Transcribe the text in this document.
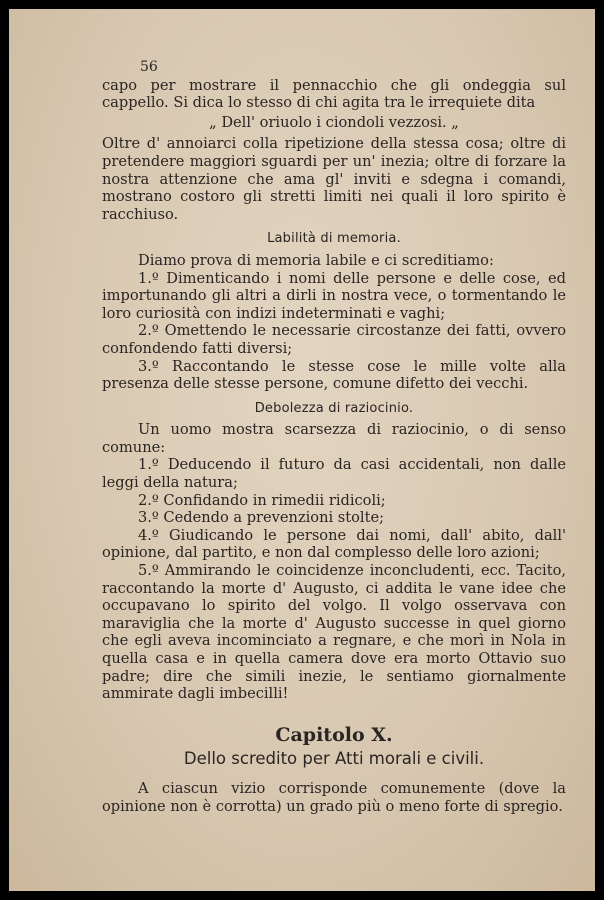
56

capo per mostrare il pennacchio che gli ondeggia sul cappello. Si dica lo stesso di chi agita tra le irrequiete dita

„ Dell' oriuolo i ciondoli vezzosi. „

Oltre d' annoiarci colla ripetizione della stessa cosa; oltre di pretendere maggiori sguardi per un' inezia; oltre di forzare la nostra attenzione che ama gl' inviti e sdegna i comandi, mostrano costoro gli stretti limiti nei quali il loro spirito è racchiuso.

Labilità di memoria.

Diamo prova di memoria labile e ci screditiamo:

1.º Dimenticando i nomi delle persone e delle cose, ed importunando gli altri a dirli in nostra vece, o tormentando le loro curiosità con indizi indeterminati e vaghi;

2.º Omettendo le necessarie circostanze dei fatti, ovvero confondendo fatti diversi;

3.º Raccontando le stesse cose le mille volte alla presenza delle stesse persone, comune difetto dei vecchi.

Debolezza di raziocinio.

Un uomo mostra scarsezza di raziocinio, o di senso comune:

1.º Deducendo il futuro da casi accidentali, non dalle leggi della natura;

2.º Confidando in rimedii ridicoli;

3.º Cedendo a prevenzioni stolte;

4.º Giudicando le persone dai nomi, dall' abito, dall' opinione, dal partito, e non dal complesso delle loro azioni;

5.º Ammirando le coincidenze inconcludenti, ecc. Tacito, raccontando la morte d' Augusto, ci addita le vane idee che occupavano lo spirito del volgo. Il volgo osservava con maraviglia che la morte d' Augusto successe in quel giorno che egli aveva incominciato a regnare, e che morì in Nola in quella casa e in quella camera dove era morto Ottavio suo padre; dire che simili inezie, le sentiamo giornalmente ammirate dagli imbecilli!

Capitolo X.
Dello scredito per Atti morali e civili.

A ciascun vizio corrisponde comunemente (dove la opinione non è corrotta) un grado più o meno forte di spregio.
